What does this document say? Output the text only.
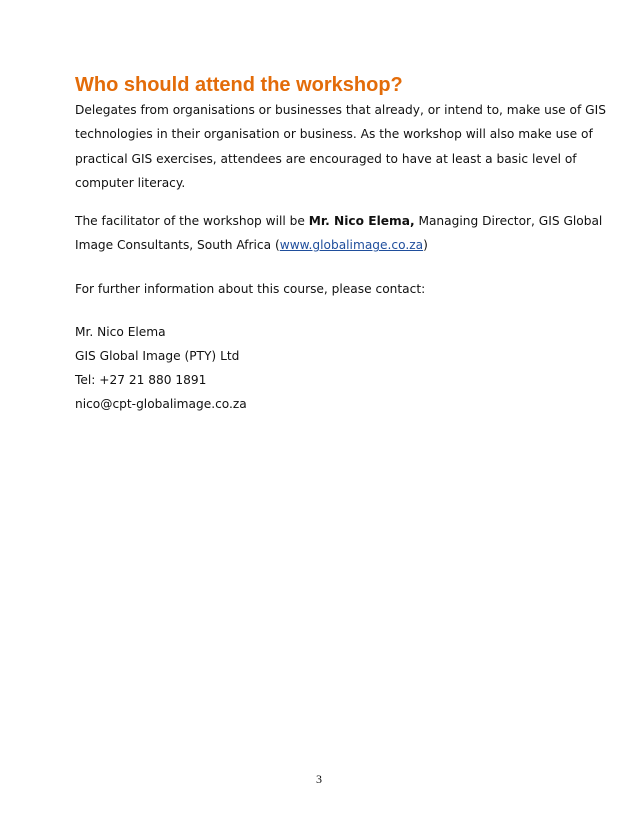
Who should attend the workshop?
Delegates from organisations or businesses that already, or intend to, make use of GIS
technologies in their organisation or business. As the workshop will also make use of
practical GIS exercises, attendees are encouraged to have at least a basic level of
computer literacy.
The facilitator of the workshop will be Mr. Nico Elema, Managing Director, GIS Global
Image Consultants, South Africa (www.globalimage.co.za)

For further information about this course, please contact:

Mr. Nico Elema

GIS Global Image (PTY) Ltd

Tel: +27 21 880 1891

nico@cpt-globalimage.co.za

3
